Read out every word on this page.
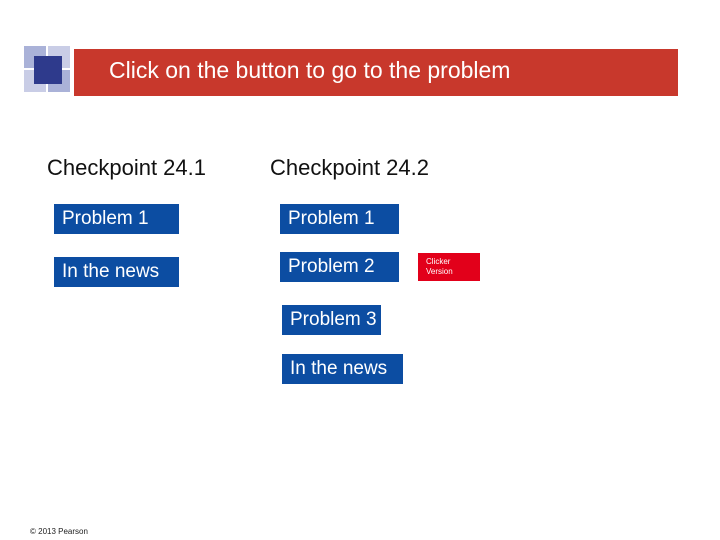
Click on the button to go to the problem
Checkpoint 24.1	Checkpoint 24.2
Problem 1
In the news
Problem 1
Problem 2
Problem 3
In the news
Clicker
Version
© 2013 Pearson
